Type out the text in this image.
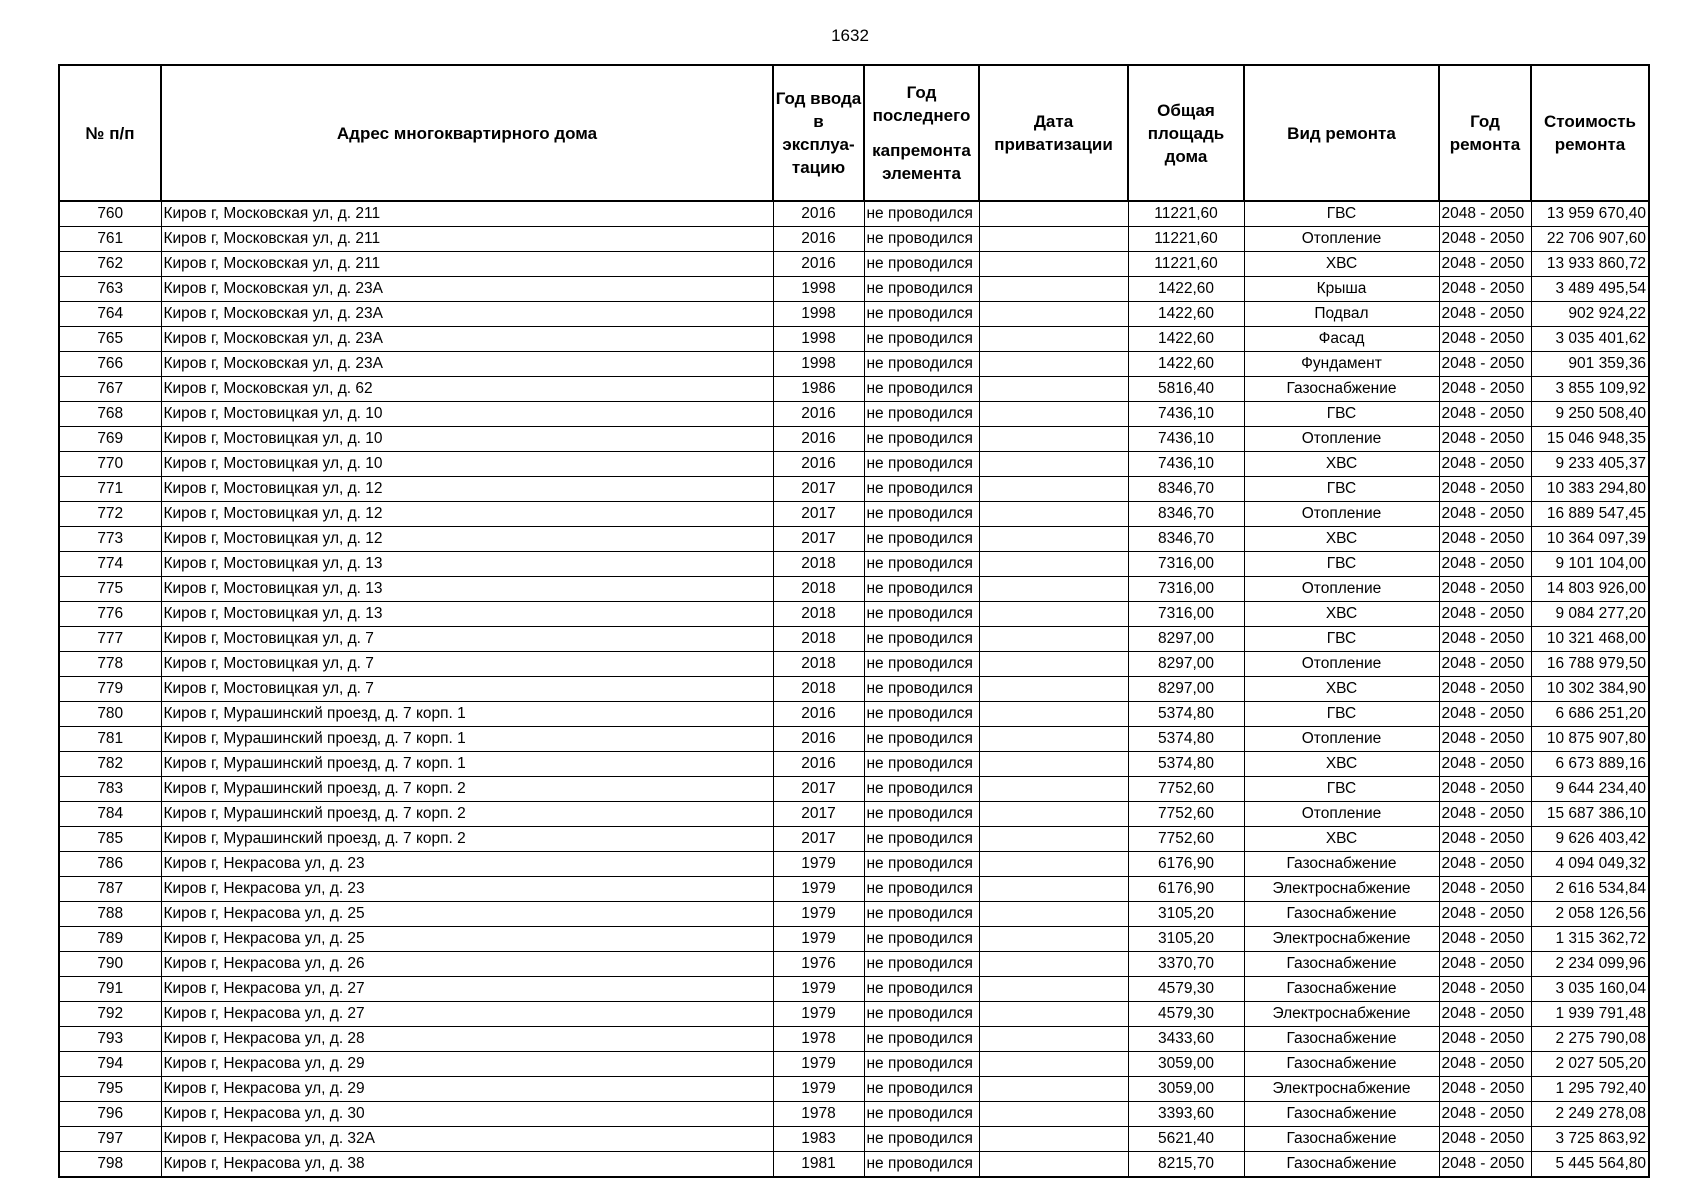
1632
№ п/п	Адрес многоквартирного дома	Год ввода в эксплуа-тацию	Год последнего
капремонта элемента	Дата приватизации	Общая площадь дома	Вид ремонта	Год ремонта	Стоимость ремонта
760	Киров г, Московская ул, д. 211	2016	не проводился		11221,60	ГВС	2048 - 2050	13 959 670,40
761	Киров г, Московская ул, д. 211	2016	не проводился		11221,60	Отопление	2048 - 2050	22 706 907,60
762	Киров г, Московская ул, д. 211	2016	не проводился		11221,60	ХВС	2048 - 2050	13 933 860,72
763	Киров г, Московская ул, д. 23А	1998	не проводился		1422,60	Крыша	2048 - 2050	3 489 495,54
764	Киров г, Московская ул, д. 23А	1998	не проводился		1422,60	Подвал	2048 - 2050	902 924,22
765	Киров г, Московская ул, д. 23А	1998	не проводился		1422,60	Фасад	2048 - 2050	3 035 401,62
766	Киров г, Московская ул, д. 23А	1998	не проводился		1422,60	Фундамент	2048 - 2050	901 359,36
767	Киров г, Московская ул, д. 62	1986	не проводился		5816,40	Газоснабжение	2048 - 2050	3 855 109,92
768	Киров г, Мостовицкая ул, д. 10	2016	не проводился		7436,10	ГВС	2048 - 2050	9 250 508,40
769	Киров г, Мостовицкая ул, д. 10	2016	не проводился		7436,10	Отопление	2048 - 2050	15 046 948,35
770	Киров г, Мостовицкая ул, д. 10	2016	не проводился		7436,10	ХВС	2048 - 2050	9 233 405,37
771	Киров г, Мостовицкая ул, д. 12	2017	не проводился		8346,70	ГВС	2048 - 2050	10 383 294,80
772	Киров г, Мостовицкая ул, д. 12	2017	не проводился		8346,70	Отопление	2048 - 2050	16 889 547,45
773	Киров г, Мостовицкая ул, д. 12	2017	не проводился		8346,70	ХВС	2048 - 2050	10 364 097,39
774	Киров г, Мостовицкая ул, д. 13	2018	не проводился		7316,00	ГВС	2048 - 2050	9 101 104,00
775	Киров г, Мостовицкая ул, д. 13	2018	не проводился		7316,00	Отопление	2048 - 2050	14 803 926,00
776	Киров г, Мостовицкая ул, д. 13	2018	не проводился		7316,00	ХВС	2048 - 2050	9 084 277,20
777	Киров г, Мостовицкая ул, д. 7	2018	не проводился		8297,00	ГВС	2048 - 2050	10 321 468,00
778	Киров г, Мостовицкая ул, д. 7	2018	не проводился		8297,00	Отопление	2048 - 2050	16 788 979,50
779	Киров г, Мостовицкая ул, д. 7	2018	не проводился		8297,00	ХВС	2048 - 2050	10 302 384,90
780	Киров г, Мурашинский проезд, д. 7 корп. 1	2016	не проводился		5374,80	ГВС	2048 - 2050	6 686 251,20
781	Киров г, Мурашинский проезд, д. 7 корп. 1	2016	не проводился		5374,80	Отопление	2048 - 2050	10 875 907,80
782	Киров г, Мурашинский проезд, д. 7 корп. 1	2016	не проводился		5374,80	ХВС	2048 - 2050	6 673 889,16
783	Киров г, Мурашинский проезд, д. 7 корп. 2	2017	не проводился		7752,60	ГВС	2048 - 2050	9 644 234,40
784	Киров г, Мурашинский проезд, д. 7 корп. 2	2017	не проводился		7752,60	Отопление	2048 - 2050	15 687 386,10
785	Киров г, Мурашинский проезд, д. 7 корп. 2	2017	не проводился		7752,60	ХВС	2048 - 2050	9 626 403,42
786	Киров г, Некрасова ул, д. 23	1979	не проводился		6176,90	Газоснабжение	2048 - 2050	4 094 049,32
787	Киров г, Некрасова ул, д. 23	1979	не проводился		6176,90	Электроснабжение	2048 - 2050	2 616 534,84
788	Киров г, Некрасова ул, д. 25	1979	не проводился		3105,20	Газоснабжение	2048 - 2050	2 058 126,56
789	Киров г, Некрасова ул, д. 25	1979	не проводился		3105,20	Электроснабжение	2048 - 2050	1 315 362,72
790	Киров г, Некрасова ул, д. 26	1976	не проводился		3370,70	Газоснабжение	2048 - 2050	2 234 099,96
791	Киров г, Некрасова ул, д. 27	1979	не проводился		4579,30	Газоснабжение	2048 - 2050	3 035 160,04
792	Киров г, Некрасова ул, д. 27	1979	не проводился		4579,30	Электроснабжение	2048 - 2050	1 939 791,48
793	Киров г, Некрасова ул, д. 28	1978	не проводился		3433,60	Газоснабжение	2048 - 2050	2 275 790,08
794	Киров г, Некрасова ул, д. 29	1979	не проводился		3059,00	Газоснабжение	2048 - 2050	2 027 505,20
795	Киров г, Некрасова ул, д. 29	1979	не проводился		3059,00	Электроснабжение	2048 - 2050	1 295 792,40
796	Киров г, Некрасова ул, д. 30	1978	не проводился		3393,60	Газоснабжение	2048 - 2050	2 249 278,08
797	Киров г, Некрасова ул, д. 32А	1983	не проводился		5621,40	Газоснабжение	2048 - 2050	3 725 863,92
798	Киров г, Некрасова ул, д. 38	1981	не проводился		8215,70	Газоснабжение	2048 - 2050	5 445 564,80
